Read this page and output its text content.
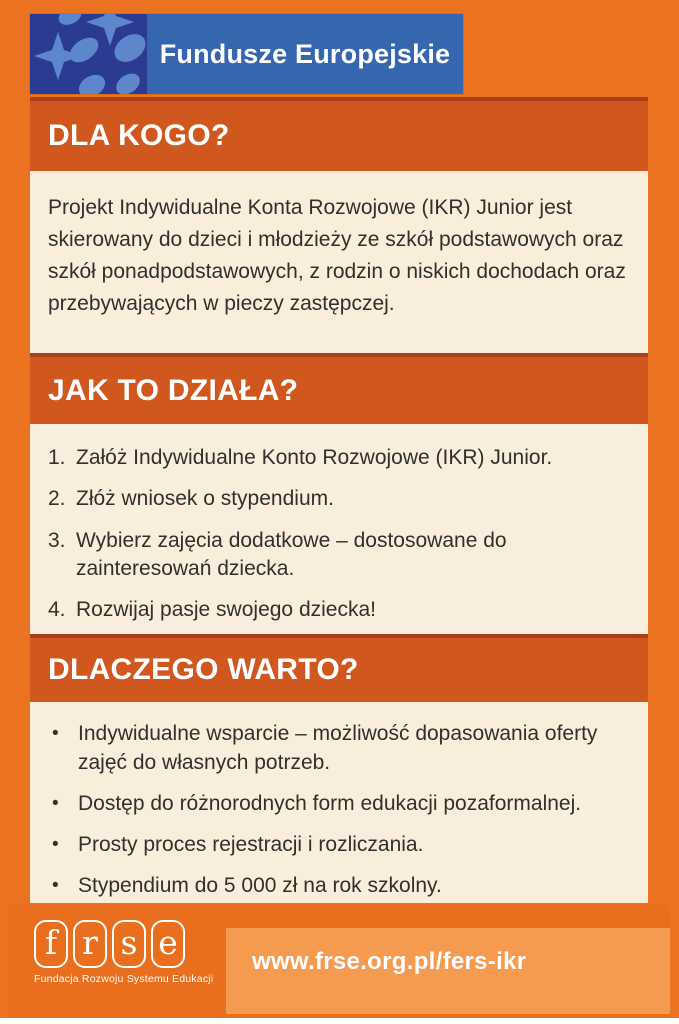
Fundusze Europejskie
DLA KOGO?

Projekt Indywidualne Konta Rozwojowe (IKR) Junior jest skierowany do dzieci i młodzieży ze szkół podstawowych oraz szkół ponadpodstawowych, z rodzin o niskich dochodach oraz przebywających w pieczy zastępczej.

JAK TO DZIAŁA?
1. Załóż Indywidualne Konto Rozwojowe (IKR) Junior.
2. Złóż wniosek o stypendium.
3. Wybierz zajęcia dodatkowe – dostosowane do zainteresowań dziecka.
4. Rozwijaj pasje swojego dziecka!
DLACZEGO WARTO?
• Indywidualne wsparcie – możliwość dopasowania oferty zajęć do własnych potrzeb.
• Dostęp do różnorodnych form edukacji pozaformalnej.
• Prosty proces rejestracji i rozliczania.
• Stypendium do 5 000 zł na rok szkolny.
f r s e
Fundacja Rozwoju Systemu Edukacji
www.frse.org.pl/fers-ikr
